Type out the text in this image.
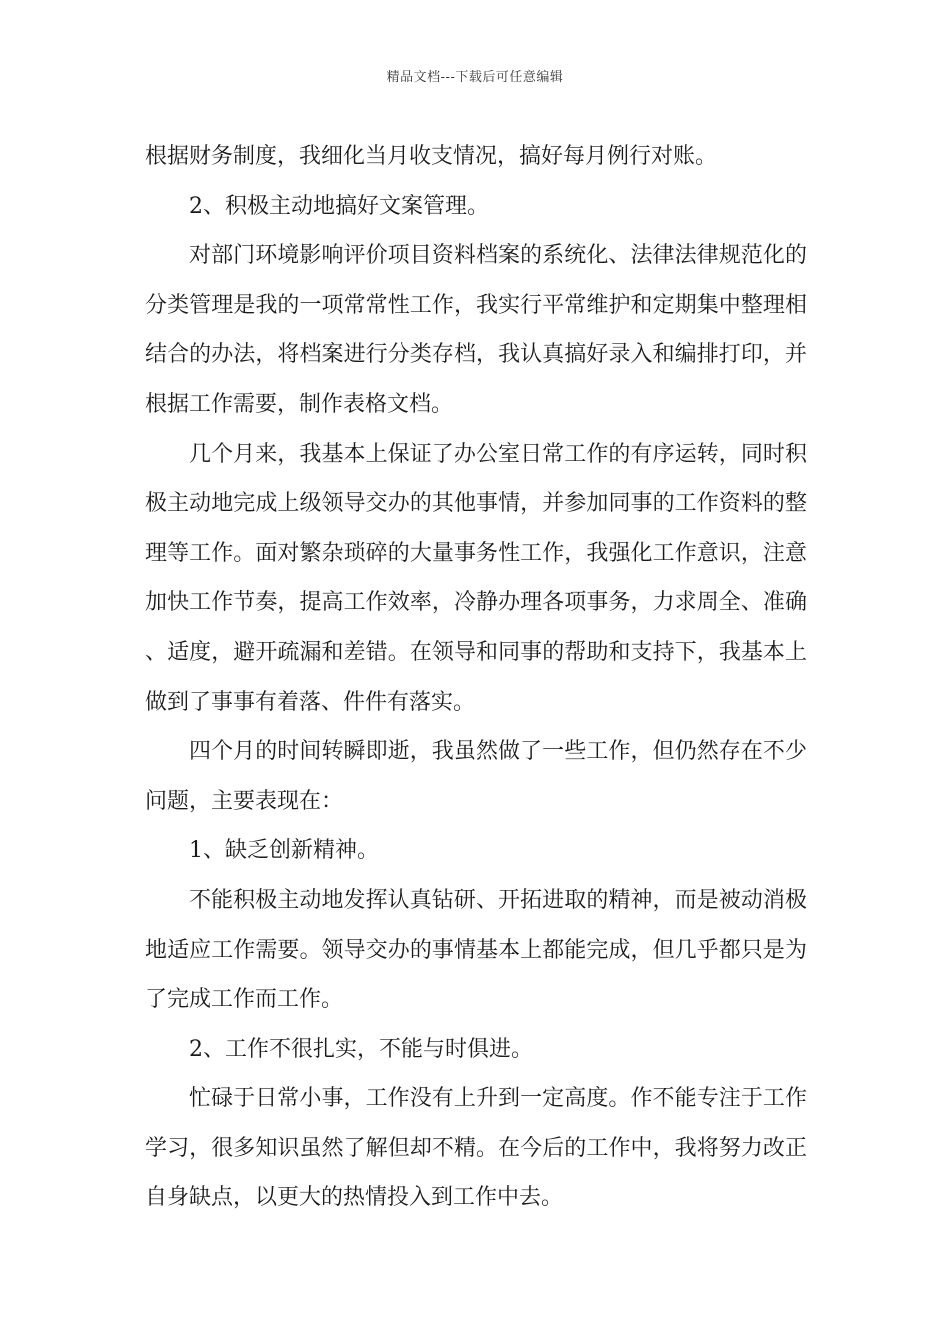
精品文档---下载后可任意编辑

根据财务制度，我细化当月收支情况，搞好每月例行对账。

2、积极主动地搞好文案管理。

对部门环境影响评价项目资料档案的系统化、法律法律规范化的分类管理是我的一项常常性工作，我实行平常维护和定期集中整理相结合的办法，将档案进行分类存档，我认真搞好录入和编排打印，并根据工作需要，制作表格文档。

几个月来，我基本上保证了办公室日常工作的有序运转，同时积极主动地完成上级领导交办的其他事情，并参加同事的工作资料的整理等工作。面对繁杂琐碎的大量事务性工作，我强化工作意识，注意加快工作节奏，提高工作效率，冷静办理各项事务，力求周全、准确、适度，避开疏漏和差错。在领导和同事的帮助和支持下，我基本上做到了事事有着落、件件有落实。

四个月的时间转瞬即逝，我虽然做了一些工作，但仍然存在不少问题，主要表现在：

1、缺乏创新精神。

不能积极主动地发挥认真钻研、开拓进取的精神，而是被动消极地适应工作需要。领导交办的事情基本上都能完成，但几乎都只是为了完成工作而工作。

2、工作不很扎实，不能与时俱进。

忙碌于日常小事，工作没有上升到一定高度。作不能专注于工作学习，很多知识虽然了解但却不精。在今后的工作中，我将努力改正自身缺点，以更大的热情投入到工作中去。
